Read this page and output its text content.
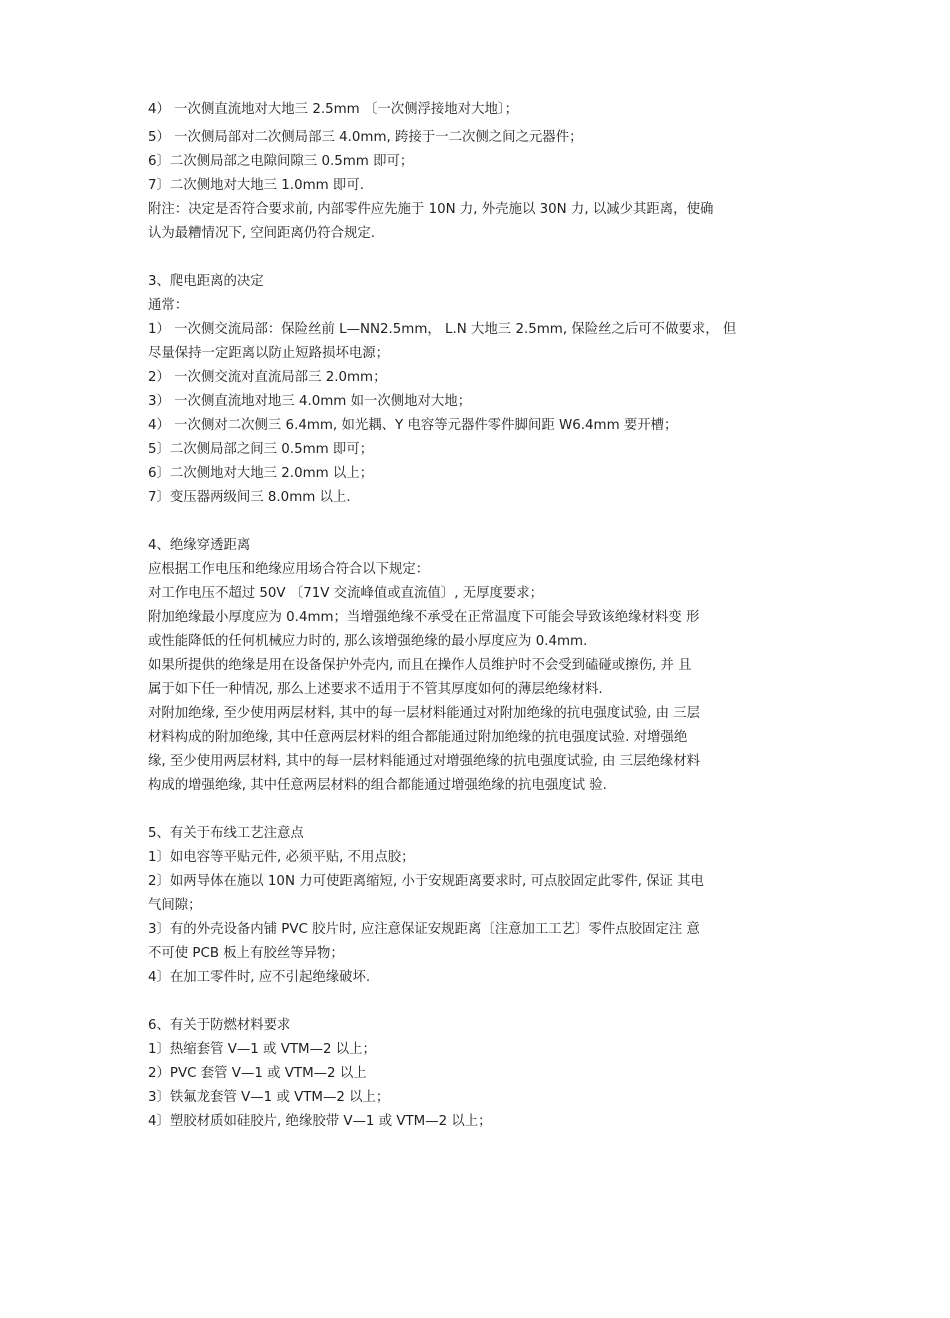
4） 一次侧直流地对大地三 2.5mm 〔一次侧浮接地对大地〕；
5） 一次侧局部对二次侧局部三 4.0mm, 跨接于一二次侧之间之元器件；
6〕二次侧局部之电隙间隙三 0.5mm 即可；
7〕二次侧地对大地三 1.0mm 即可.
附注：决定是否符合要求前, 内部零件应先施于 10N 力, 外壳施以 30N 力, 以减少其距离，使确
认为最糟情况下, 空间距离仍符合规定.
3、爬电距离的决定
通常：
1） 一次侧交流局部：保险丝前 L—NN2.5mm， L.N 大地三 2.5mm, 保险丝之后可不做要求， 但
尽量保持一定距离以防止短路损坏电源；
2） 一次侧交流对直流局部三 2.0mm；
3） 一次侧直流地对地三 4.0mm 如一次侧地对大地；
4） 一次侧对二次侧三 6.4mm, 如光耦、Y 电容等元器件零件脚间距 W6.4mm 要开槽；
5〕二次侧局部之间三 0.5mm 即可；
6〕二次侧地对大地三 2.0mm 以上；
7〕变压器两级间三 8.0mm 以上.
4、绝缘穿透距离
应根据工作电压和绝缘应用场合符合以下规定：
对工作电压不超过 50V 〔71V 交流峰值或直流值〕, 无厚度要求；
附加绝缘最小厚度应为 0.4mm；当增强绝缘不承受在正常温度下可能会导致该绝缘材料变 形
或性能降低的任何机械应力时的, 那么该增强绝缘的最小厚度应为 0.4mm.
如果所提供的绝缘是用在设备保护外壳内, 而且在操作人员维护时不会受到磕碰或擦伤, 并 且
属于如下任一种情况, 那么上述要求不适用于不管其厚度如何的薄层绝缘材料.
对附加绝缘, 至少使用两层材料, 其中的每一层材料能通过对附加绝缘的抗电强度试验, 由 三层
材料构成的附加绝缘, 其中任意两层材料的组合都能通过附加绝缘的抗电强度试验. 对增强绝
缘, 至少使用两层材料, 其中的每一层材料能通过对增强绝缘的抗电强度试验, 由 三层绝缘材料
构成的增强绝缘, 其中任意两层材料的组合都能通过增强绝缘的抗电强度试 验.
5、有关于布线工艺注意点
1〕如电容等平贴元件, 必须平贴, 不用点胶；
2〕如两导体在施以 10N 力可使距离缩短, 小于安规距离要求时, 可点胶固定此零件, 保证 其电
气间隙；
3〕有的外壳设备内铺 PVC 胶片时, 应注意保证安规距离〔注意加工工艺〕零件点胶固定注 意
不可使 PCB 板上有胶丝等异物；
4〕在加工零件时, 应不引起绝缘破坏.
6、有关于防燃材料要求
1〕热缩套管 V—1 或 VTM—2 以上；
2）PVC 套管 V—1 或 VTM—2 以上
3〕铁氟龙套管 V—1 或 VTM—2 以上；
4〕塑胶材质如硅胶片, 绝缘胶带 V—1 或 VTM—2 以上；
